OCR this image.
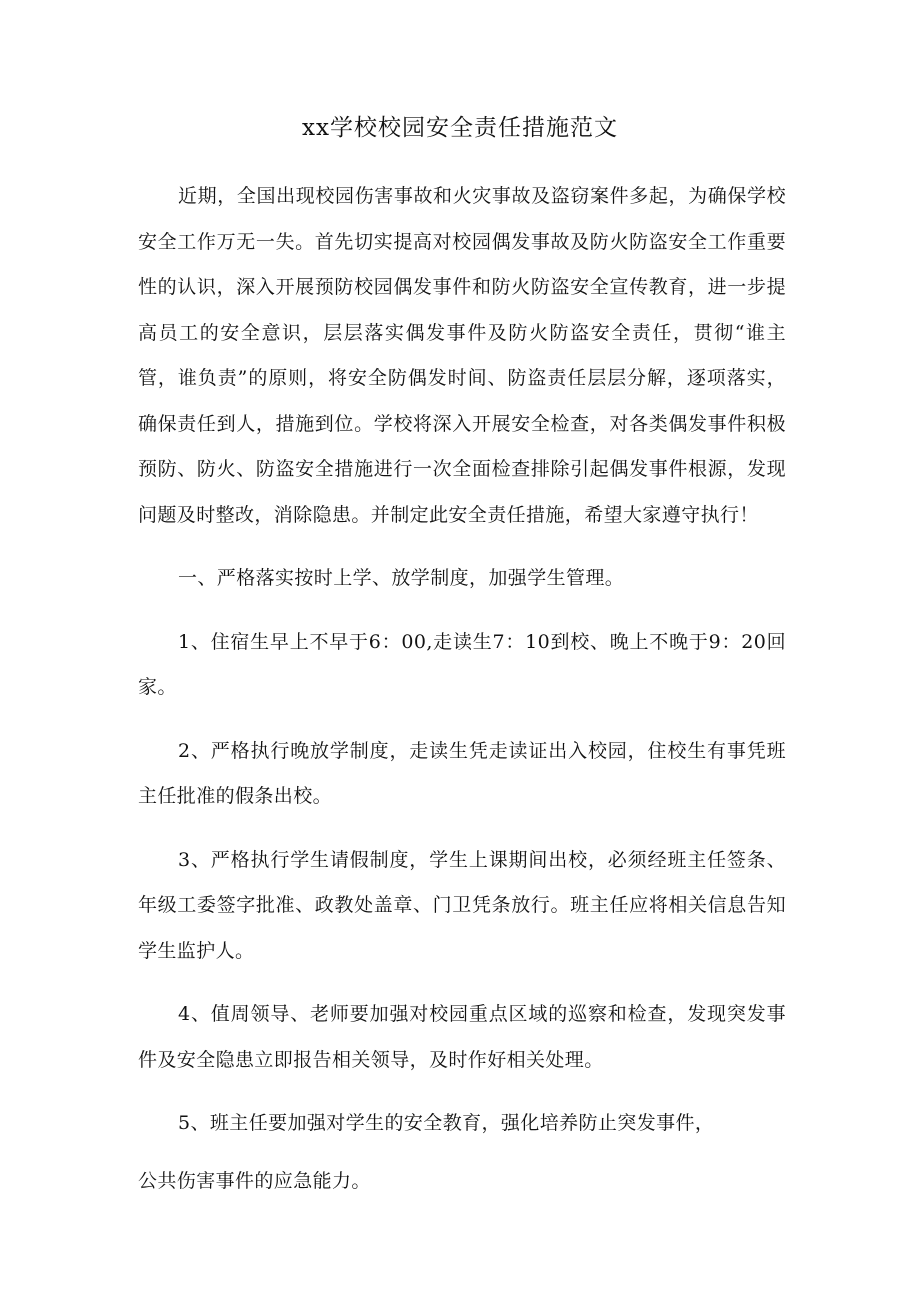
xx学校校园安全责任措施范文

近期，全国出现校园伤害事故和火灾事故及盗窃案件多起，为确保学校安全工作万无一失。首先切实提高对校园偶发事故及防火防盗安全工作重要性的认识，深入开展预防校园偶发事件和防火防盗安全宣传教育，进一步提高员工的安全意识，层层落实偶发事件及防火防盗安全责任，贯彻“谁主管，谁负责”的原则，将安全防偶发时间、防盗责任层层分解，逐项落实，确保责任到人，措施到位。学校将深入开展安全检查，对各类偶发事件积极预防、防火、防盗安全措施进行一次全面检查排除引起偶发事件根源，发现问题及时整改，消除隐患。并制定此安全责任措施，希望大家遵守执行！

一、严格落实按时上学、放学制度，加强学生管理。

1、住宿生早上不早于6：00,走读生7：10到校、晚上不晚于9：20回家。

2、严格执行晚放学制度，走读生凭走读证出入校园，住校生有事凭班主任批准的假条出校。

3、严格执行学生请假制度，学生上课期间出校，必须经班主任签条、年级工委签字批准、政教处盖章、门卫凭条放行。班主任应将相关信息告知学生监护人。

4、值周领导、老师要加强对校园重点区域的巡察和检查，发现突发事件及安全隐患立即报告相关领导，及时作好相关处理。

5、班主任要加强对学生的安全教育，强化培养防止突发事件，

公共伤害事件的应急能力。
